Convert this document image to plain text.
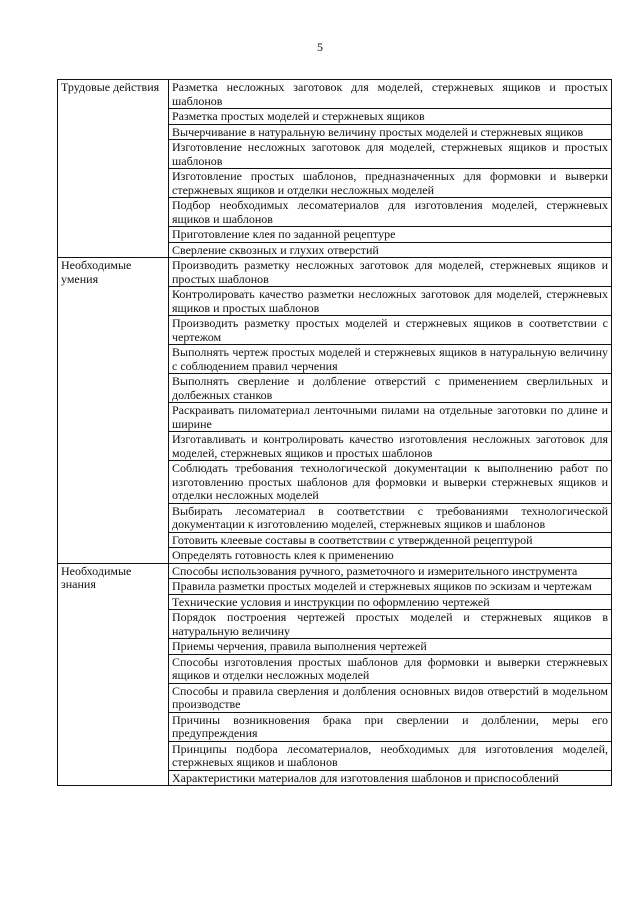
5
Трудовые действия	Разметка несложных заготовок для моделей, стержневых ящиков и простых шаблонов
	Разметка простых моделей и стержневых ящиков
	Вычерчивание в натуральную величину простых моделей и стержневых ящиков
	Изготовление несложных заготовок для моделей, стержневых ящиков и простых шаблонов
	Изготовление простых шаблонов, предназначенных для формовки и выверки стержневых ящиков и отделки несложных моделей
	Подбор необходимых лесоматериалов для изготовления моделей, стержневых ящиков и шаблонов
	Приготовление клея по заданной рецептуре
	Сверление сквозных и глухих отверстий
Необходимые умения	Производить разметку несложных заготовок для моделей, стержневых ящиков и простых шаблонов
	Контролировать качество разметки несложных заготовок для моделей, стержневых ящиков и простых шаблонов
	Производить разметку простых моделей и стержневых ящиков в соответствии с чертежом
	Выполнять чертеж простых моделей и стержневых ящиков в натуральную величину с соблюдением правил черчения
	Выполнять сверление и долбление отверстий с применением сверлильных и долбежных станков
	Раскраивать пиломатериал ленточными пилами на отдельные заготовки по длине и ширине
	Изготавливать и контролировать качество изготовления несложных заготовок для моделей, стержневых ящиков и простых шаблонов
	Соблюдать требования технологической документации к выполнению работ по изготовлению простых шаблонов для формовки и выверки стержневых ящиков и отделки несложных моделей
	Выбирать лесоматериал в соответствии с требованиями технологической документации к изготовлению моделей, стержневых ящиков и шаблонов
	Готовить клеевые составы в соответствии с утвержденной рецептурой
	Определять готовность клея к применению
Необходимые знания	Способы использования ручного, разметочного и измерительного инструмента
	Правила разметки простых моделей и стержневых ящиков по эскизам и чертежам
	Технические условия и инструкции по оформлению чертежей
	Порядок построения чертежей простых моделей и стержневых ящиков в натуральную величину
	Приемы черчения, правила выполнения чертежей
	Способы изготовления простых шаблонов для формовки и выверки стержневых ящиков и отделки несложных моделей
	Способы и правила сверления и долбления основных видов отверстий в модельном производстве
	Причины возникновения брака при сверлении и долблении, меры его предупреждения
	Принципы подбора лесоматериалов, необходимых для изготовления моделей, стержневых ящиков и шаблонов
	Характеристики материалов для изготовления шаблонов и приспособлений
